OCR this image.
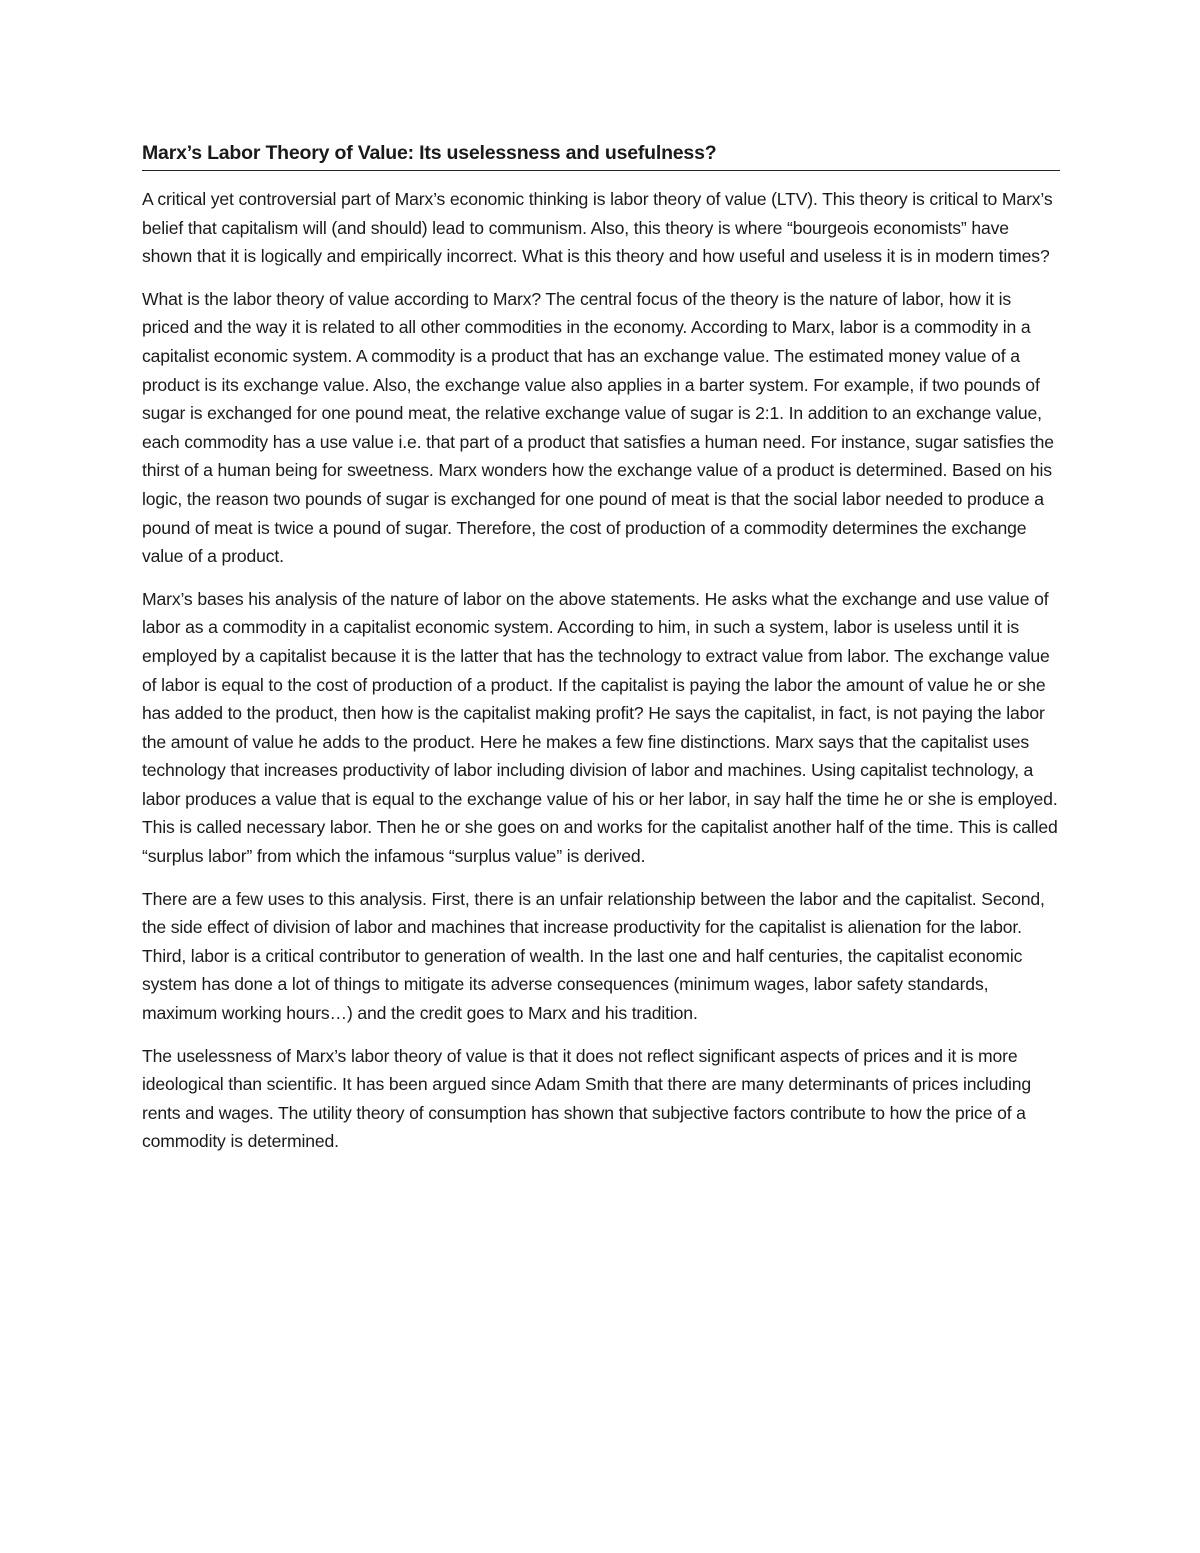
Marx’s Labor Theory of Value: Its uselessness and usefulness?

A critical yet controversial part of Marx’s economic thinking is labor theory of value (LTV). This theory is critical to Marx’s belief that capitalism will (and should) lead to communism. Also, this theory is where “bourgeois economists” have shown that it is logically and empirically incorrect. What is this theory and how useful and useless it is in modern times?

What is the labor theory of value according to Marx? The central focus of the theory is the nature of labor, how it is priced and the way it is related to all other commodities in the economy. According to Marx, labor is a commodity in a capitalist economic system. A commodity is a product that has an exchange value. The estimated money value of a product is its exchange value. Also, the exchange value also applies in a barter system. For example, if two pounds of sugar is exchanged for one pound meat, the relative exchange value of sugar is 2:1. In addition to an exchange value, each commodity has a use value i.e. that part of a product that satisfies a human need. For instance, sugar satisfies the thirst of a human being for sweetness. Marx wonders how the exchange value of a product is determined. Based on his logic, the reason two pounds of sugar is exchanged for one pound of meat is that the social labor needed to produce a pound of meat is twice a pound of sugar. Therefore, the cost of production of a commodity determines the exchange value of a product.

Marx’s bases his analysis of the nature of labor on the above statements. He asks what the exchange and use value of labor as a commodity in a capitalist economic system. According to him, in such a system, labor is useless until it is employed by a capitalist because it is the latter that has the technology to extract value from labor. The exchange value of labor is equal to the cost of production of a product. If the capitalist is paying the labor the amount of value he or she has added to the product, then how is the capitalist making profit? He says the capitalist, in fact, is not paying the labor the amount of value he adds to the product. Here he makes a few fine distinctions. Marx says that the capitalist uses technology that increases productivity of labor including division of labor and machines. Using capitalist technology, a labor produces a value that is equal to the exchange value of his or her labor, in say half the time he or she is employed. This is called necessary labor. Then he or she goes on and works for the capitalist another half of the time. This is called “surplus labor” from which the infamous “surplus value” is derived.

There are a few uses to this analysis. First, there is an unfair relationship between the labor and the capitalist. Second, the side effect of division of labor and machines that increase productivity for the capitalist is alienation for the labor. Third, labor is a critical contributor to generation of wealth. In the last one and half centuries, the capitalist economic system has done a lot of things to mitigate its adverse consequences (minimum wages, labor safety standards, maximum working hours…) and the credit goes to Marx and his tradition.

The uselessness of Marx’s labor theory of value is that it does not reflect significant aspects of prices and it is more ideological than scientific. It has been argued since Adam Smith that there are many determinants of prices including rents and wages. The utility theory of consumption has shown that subjective factors contribute to how the price of a commodity is determined.
